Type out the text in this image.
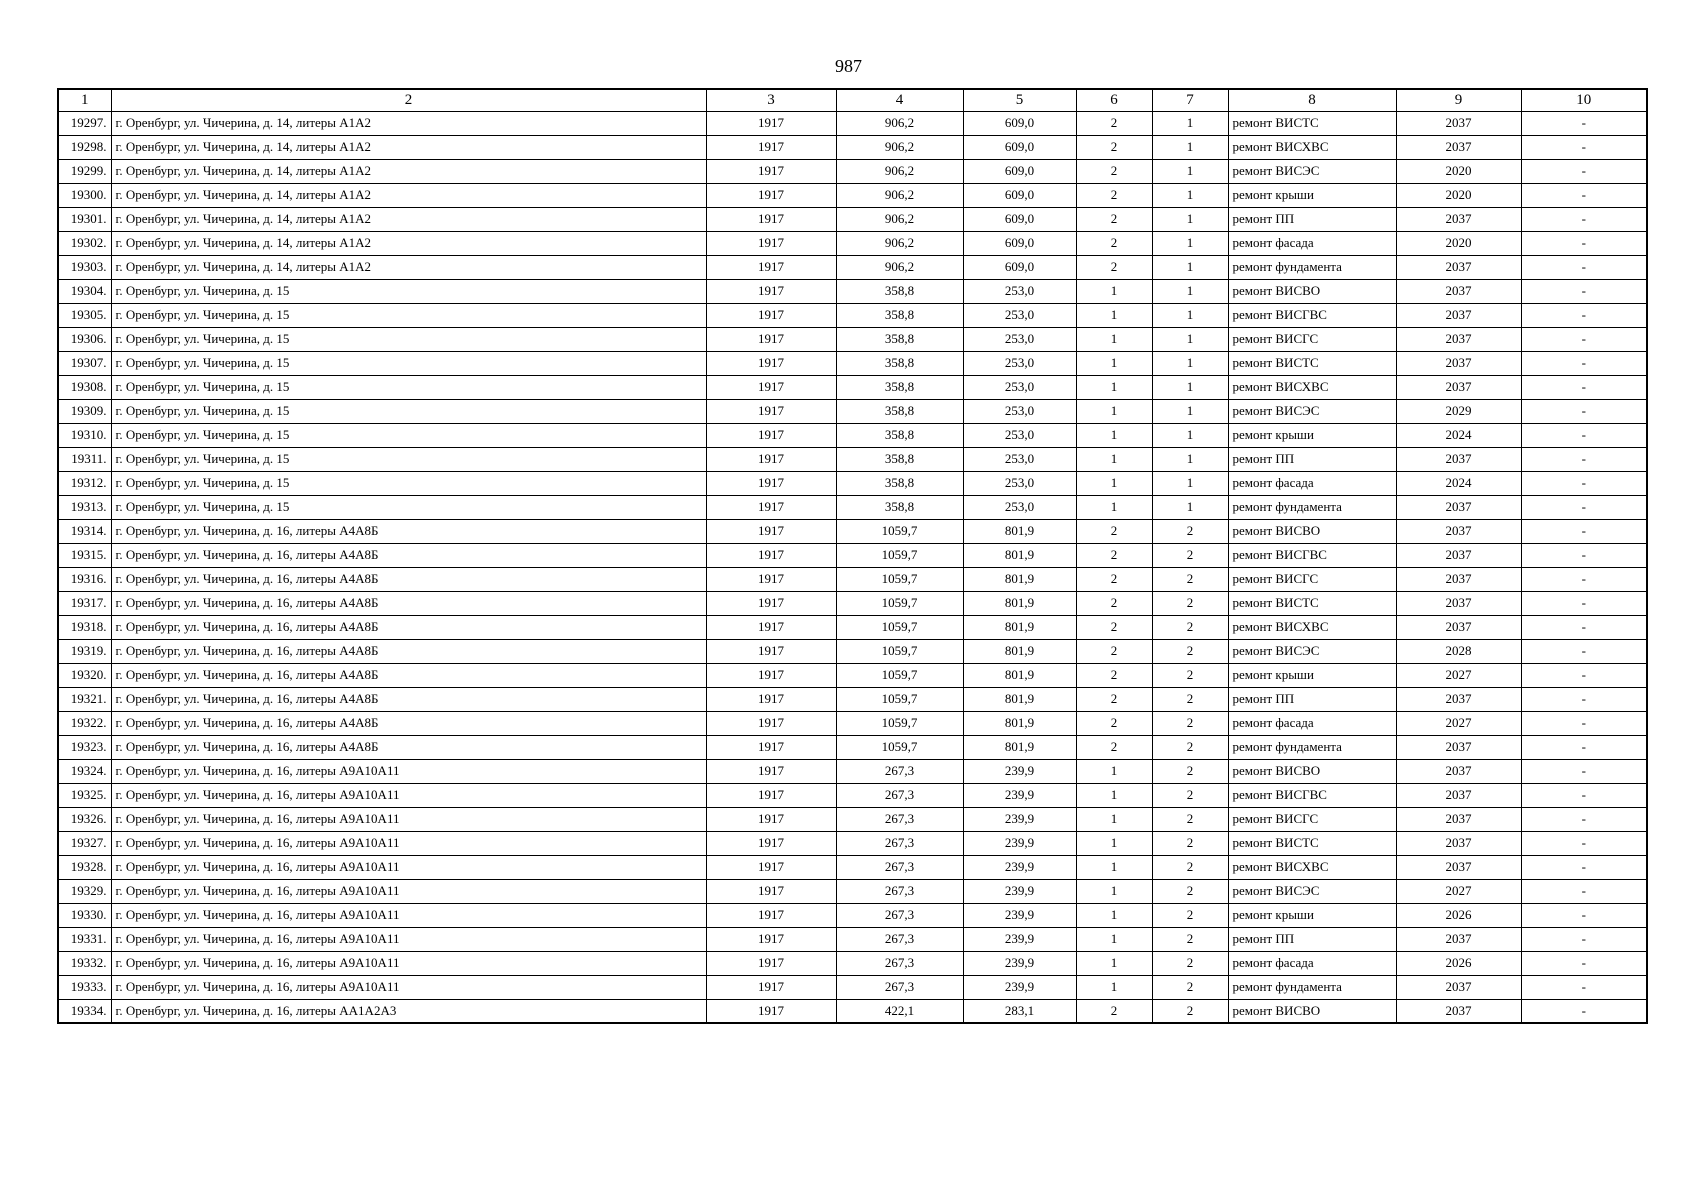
987
1	2	3	4	5	6	7	8	9	10
19297.	г. Оренбург, ул. Чичерина, д. 14, литеры А1А2	1917	906,2	609,0	2	1	ремонт ВИСТС	2037	-
19298.	г. Оренбург, ул. Чичерина, д. 14, литеры А1А2	1917	906,2	609,0	2	1	ремонт ВИСХВС	2037	-
19299.	г. Оренбург, ул. Чичерина, д. 14, литеры А1А2	1917	906,2	609,0	2	1	ремонт ВИСЭС	2020	-
19300.	г. Оренбург, ул. Чичерина, д. 14, литеры А1А2	1917	906,2	609,0	2	1	ремонт крыши	2020	-
19301.	г. Оренбург, ул. Чичерина, д. 14, литеры А1А2	1917	906,2	609,0	2	1	ремонт ПП	2037	-
19302.	г. Оренбург, ул. Чичерина, д. 14, литеры А1А2	1917	906,2	609,0	2	1	ремонт фасада	2020	-
19303.	г. Оренбург, ул. Чичерина, д. 14, литеры А1А2	1917	906,2	609,0	2	1	ремонт фундамента	2037	-
19304.	г. Оренбург, ул. Чичерина, д. 15	1917	358,8	253,0	1	1	ремонт ВИСВО	2037	-
19305.	г. Оренбург, ул. Чичерина, д. 15	1917	358,8	253,0	1	1	ремонт ВИСГВС	2037	-
19306.	г. Оренбург, ул. Чичерина, д. 15	1917	358,8	253,0	1	1	ремонт ВИСГС	2037	-
19307.	г. Оренбург, ул. Чичерина, д. 15	1917	358,8	253,0	1	1	ремонт ВИСТС	2037	-
19308.	г. Оренбург, ул. Чичерина, д. 15	1917	358,8	253,0	1	1	ремонт ВИСХВС	2037	-
19309.	г. Оренбург, ул. Чичерина, д. 15	1917	358,8	253,0	1	1	ремонт ВИСЭС	2029	-
19310.	г. Оренбург, ул. Чичерина, д. 15	1917	358,8	253,0	1	1	ремонт крыши	2024	-
19311.	г. Оренбург, ул. Чичерина, д. 15	1917	358,8	253,0	1	1	ремонт ПП	2037	-
19312.	г. Оренбург, ул. Чичерина, д. 15	1917	358,8	253,0	1	1	ремонт фасада	2024	-
19313.	г. Оренбург, ул. Чичерина, д. 15	1917	358,8	253,0	1	1	ремонт фундамента	2037	-
19314.	г. Оренбург, ул. Чичерина, д. 16, литеры А4А8Б	1917	1059,7	801,9	2	2	ремонт ВИСВО	2037	-
19315.	г. Оренбург, ул. Чичерина, д. 16, литеры А4А8Б	1917	1059,7	801,9	2	2	ремонт ВИСГВС	2037	-
19316.	г. Оренбург, ул. Чичерина, д. 16, литеры А4А8Б	1917	1059,7	801,9	2	2	ремонт ВИСГС	2037	-
19317.	г. Оренбург, ул. Чичерина, д. 16, литеры А4А8Б	1917	1059,7	801,9	2	2	ремонт ВИСТС	2037	-
19318.	г. Оренбург, ул. Чичерина, д. 16, литеры А4А8Б	1917	1059,7	801,9	2	2	ремонт ВИСХВС	2037	-
19319.	г. Оренбург, ул. Чичерина, д. 16, литеры А4А8Б	1917	1059,7	801,9	2	2	ремонт ВИСЭС	2028	-
19320.	г. Оренбург, ул. Чичерина, д. 16, литеры А4А8Б	1917	1059,7	801,9	2	2	ремонт крыши	2027	-
19321.	г. Оренбург, ул. Чичерина, д. 16, литеры А4А8Б	1917	1059,7	801,9	2	2	ремонт ПП	2037	-
19322.	г. Оренбург, ул. Чичерина, д. 16, литеры А4А8Б	1917	1059,7	801,9	2	2	ремонт фасада	2027	-
19323.	г. Оренбург, ул. Чичерина, д. 16, литеры А4А8Б	1917	1059,7	801,9	2	2	ремонт фундамента	2037	-
19324.	г. Оренбург, ул. Чичерина, д. 16, литеры А9А10А11	1917	267,3	239,9	1	2	ремонт ВИСВО	2037	-
19325.	г. Оренбург, ул. Чичерина, д. 16, литеры А9А10А11	1917	267,3	239,9	1	2	ремонт ВИСГВС	2037	-
19326.	г. Оренбург, ул. Чичерина, д. 16, литеры А9А10А11	1917	267,3	239,9	1	2	ремонт ВИСГС	2037	-
19327.	г. Оренбург, ул. Чичерина, д. 16, литеры А9А10А11	1917	267,3	239,9	1	2	ремонт ВИСТС	2037	-
19328.	г. Оренбург, ул. Чичерина, д. 16, литеры А9А10А11	1917	267,3	239,9	1	2	ремонт ВИСХВС	2037	-
19329.	г. Оренбург, ул. Чичерина, д. 16, литеры А9А10А11	1917	267,3	239,9	1	2	ремонт ВИСЭС	2027	-
19330.	г. Оренбург, ул. Чичерина, д. 16, литеры А9А10А11	1917	267,3	239,9	1	2	ремонт крыши	2026	-
19331.	г. Оренбург, ул. Чичерина, д. 16, литеры А9А10А11	1917	267,3	239,9	1	2	ремонт ПП	2037	-
19332.	г. Оренбург, ул. Чичерина, д. 16, литеры А9А10А11	1917	267,3	239,9	1	2	ремонт фасада	2026	-
19333.	г. Оренбург, ул. Чичерина, д. 16, литеры А9А10А11	1917	267,3	239,9	1	2	ремонт фундамента	2037	-
19334.	г. Оренбург, ул. Чичерина, д. 16, литеры АА1А2А3	1917	422,1	283,1	2	2	ремонт ВИСВО	2037	-
